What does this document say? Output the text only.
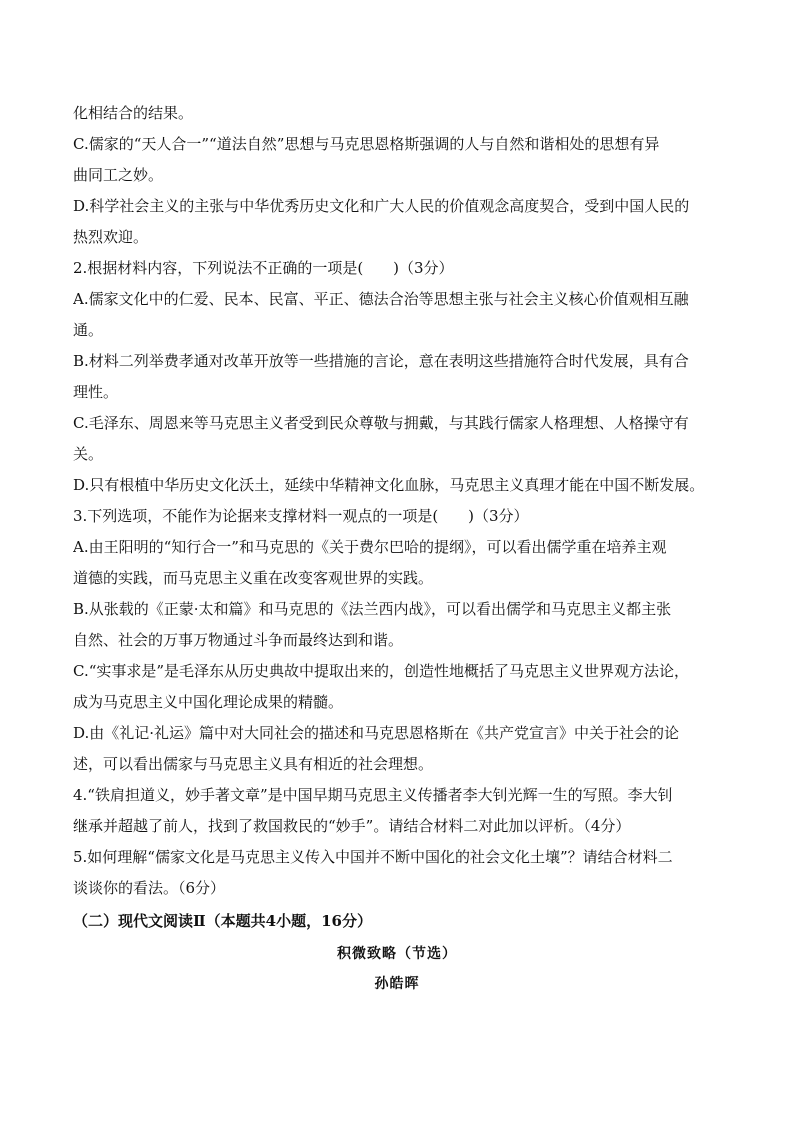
化相结合的结果。
C.儒家的“天人合一”“道法自然”思想与马克思恩格斯强调的人与自然和谐相处的思想有异
曲同工之妙。
D.科学社会主义的主张与中华优秀历史文化和广大人民的价值观念高度契合，受到中国人民的
热烈欢迎。
2.根据材料内容，下列说法不正确的一项是(　　)（3分）
A.儒家文化中的仁爱、民本、民富、平正、德法合治等思想主张与社会主义核心价值观相互融
通。
B.材料二列举费孝通对改革开放等一些措施的言论，意在表明这些措施符合时代发展，具有合
理性。
C.毛泽东、周恩来等马克思主义者受到民众尊敬与拥戴，与其践行儒家人格理想、人格操守有
关。
D.只有根植中华历史文化沃土，延续中华精神文化血脉，马克思主义真理才能在中国不断发展。
3.下列选项，不能作为论据来支撑材料一观点的一项是(　　)（3分）
A.由王阳明的“知行合一”和马克思的《关于费尔巴哈的提纲》，可以看出儒学重在培养主观
道德的实践，而马克思主义重在改变客观世界的实践。
B.从张载的《正蒙·太和篇》和马克思的《法兰西内战》，可以看出儒学和马克思主义都主张
自然、社会的万事万物通过斗争而最终达到和谐。
C.“实事求是”是毛泽东从历史典故中提取出来的，创造性地概括了马克思主义世界观方法论，
成为马克思主义中国化理论成果的精髓。
D.由《礼记·礼运》篇中对大同社会的描述和马克思恩格斯在《共产党宣言》中关于社会的论
述，可以看出儒家与马克思主义具有相近的社会理想。
4.“铁肩担道义，妙手著文章”是中国早期马克思主义传播者李大钊光辉一生的写照。李大钊
继承并超越了前人，找到了救国救民的“妙手”。请结合材料二对此加以评析。（4分）
5.如何理解“儒家文化是马克思主义传入中国并不断中国化的社会文化土壤”？请结合材料二
谈谈你的看法。（6分）
（二）现代文阅读Ⅱ（本题共4小题，16分）
积微致略（节选）
孙皓晖
